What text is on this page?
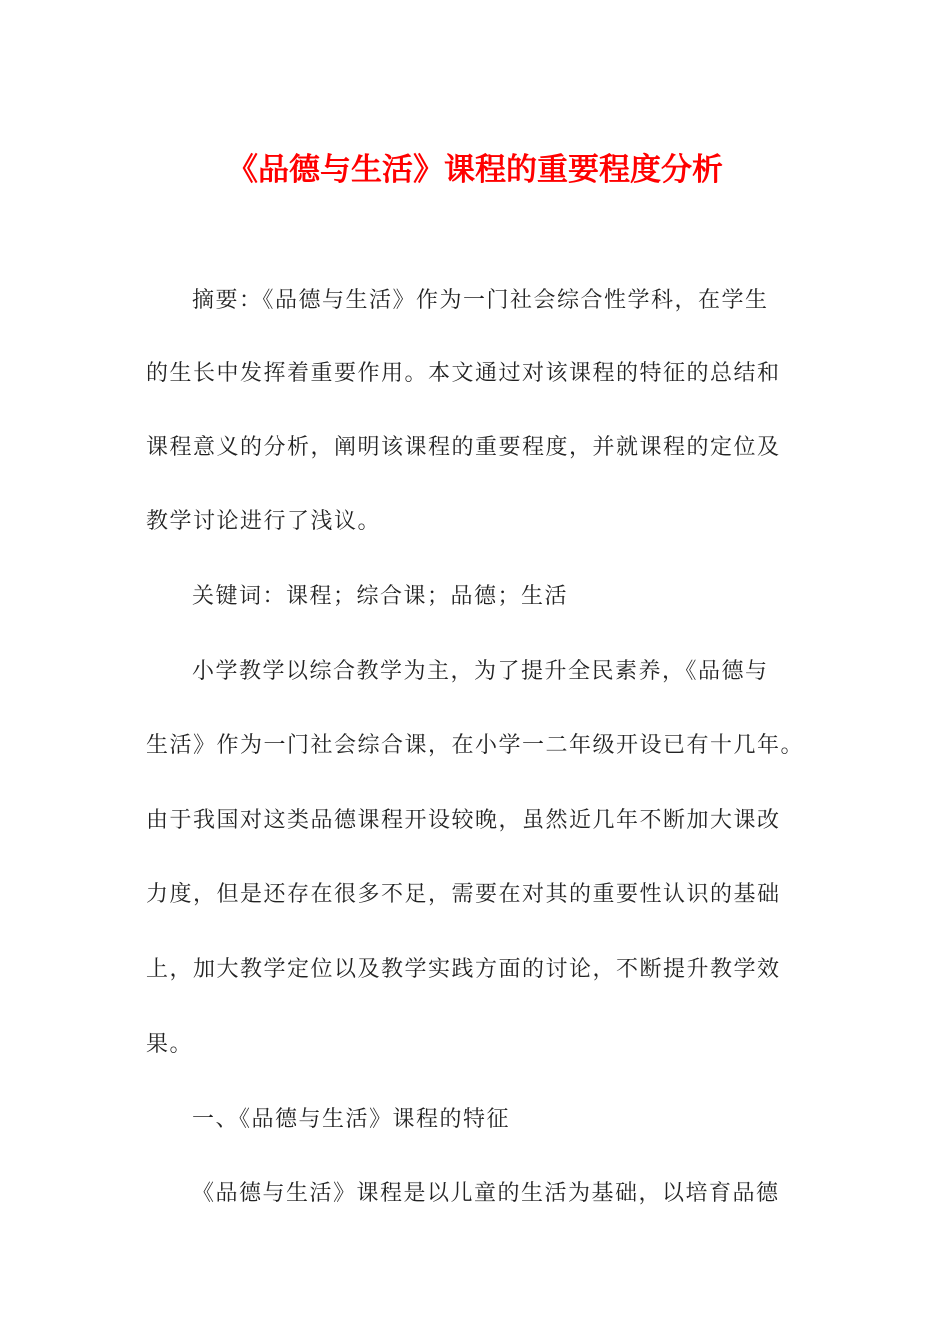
《品德与生活》课程的重要程度分析
摘要：《品德与生活》作为一门社会综合性学科，在学生
的生长中发挥着重要作用。本文通过对该课程的特征的总结和
课程意义的分析，阐明该课程的重要程度，并就课程的定位及
教学讨论进行了浅议。
关键词：课程；综合课；品德；生活
小学教学以综合教学为主，为了提升全民素养，《品德与
生活》作为一门社会综合课，在小学一二年级开设已有十几年。
由于我国对这类品德课程开设较晚，虽然近几年不断加大课改
力度，但是还存在很多不足，需要在对其的重要性认识的基础
上，加大教学定位以及教学实践方面的讨论，不断提升教学效
果。
一、《品德与生活》课程的特征
《品德与生活》课程是以儿童的生活为基础，以培育品德
